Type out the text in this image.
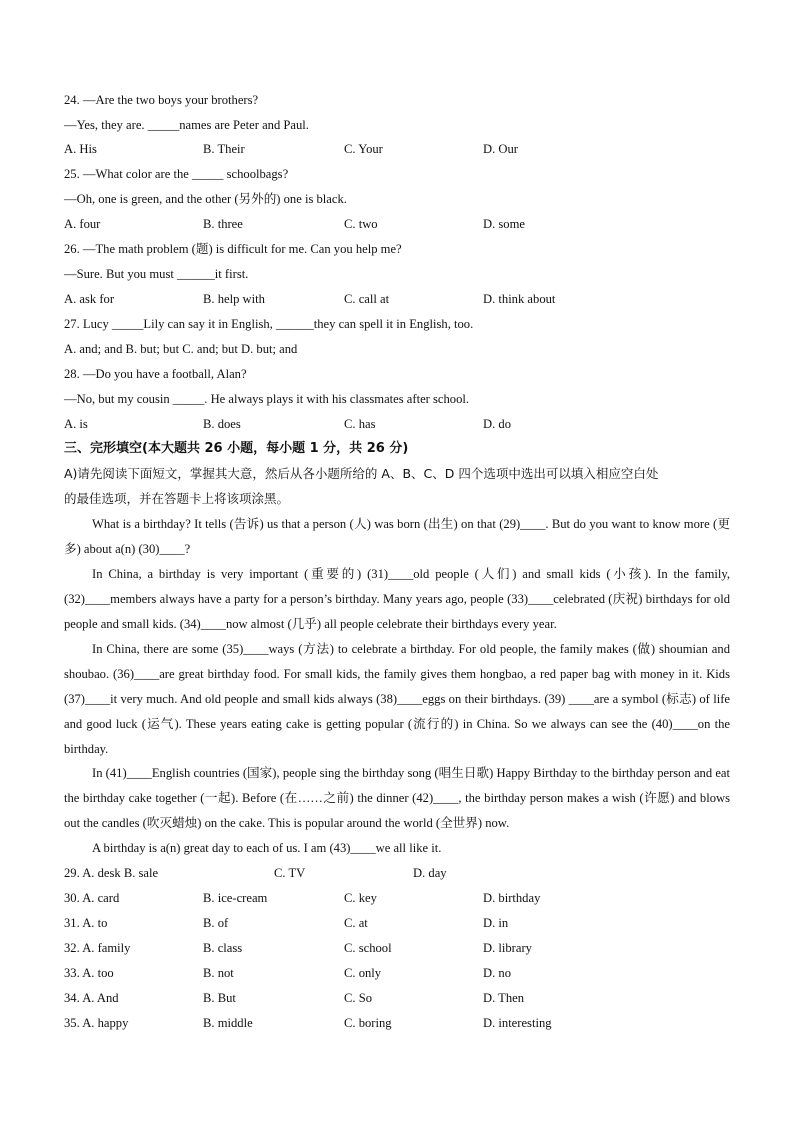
24. —Are the two boys your brothers?
—Yes, they are. _____names are Peter and Paul.
A. His	B. Their	C. Your	D. Our
25. —What color are the _____ schoolbags?
—Oh, one is green, and the other (另外的) one is black.
A. four	B. three	C. two	D. some
26. —The math problem (题) is difficult for me. Can you help me?
—Sure. But you must ______it first.
A. ask for	B. help with	C. call at	D. think about
27. Lucy _____Lily can say it in English, ______they can spell it in English, too.
A. and; and B. but; but C. and; but D. but; and
28. —Do you have a football, Alan?
—No, but my cousin _____. He always plays it with his classmates after school.
A. is	B. does	C. has	D. do
三、完形填空(本大题共 26 小题，每小题 1 分，共 26 分)
A)请先阅读下面短文，掌握其大意，然后从各小题所给的 A、B、C、D 四个选项中选出可以填入相应空白处
的最佳选项，并在答题卡上将该项涂黑。
What is a birthday? It tells (告诉) us that a person (人) was born (出生) on that (29)____. But do you want to know more (更多) about a(n) (30)____?
In China, a birthday is very important (重要的) (31)____old people (人们) and small kids (小孩). In the family, (32)____members always have a party for a person’s birthday. Many years ago, people (33)____celebrated (庆祝) birthdays for old people and small kids. (34)____now almost (几乎) all people celebrate their birthdays every year.
In China, there are some (35)____ways (方法) to celebrate a birthday. For old people, the family makes (做) shoumian and shoubao. (36)____are great birthday food. For small kids, the family gives them hongbao, a red paper bag with money in it. Kids (37)____it very much. And old people and small kids always (38)____eggs on their birthdays. (39) ____are a symbol (标志) of life and good luck (运气). These years eating cake is getting popular (流行的) in China. So we always can see the (40)____on the birthday.
In (41)____English countries (国家), people sing the birthday song (唱生日歌) Happy Birthday to the birthday person and eat the birthday cake together (一起). Before (在……之前) the dinner (42)____, the birthday person makes a wish (许愿) and blows out the candles (吹灭蜡烛) on the cake. This is popular around the world (全世界) now.
A birthday is a(n) great day to each of us. I am (43)____we all like it.
29. A. desk B. sale	C. TV	D. day
30. A. card	B. ice-cream	C. key	D. birthday
31. A. to	B. of	C. at	D. in
32. A. family	B. class	C. school	D. library
33. A. too	B. not	C. only	D. no
34. A. And	B. But	C. So	D. Then
35. A. happy	B. middle	C. boring	D. interesting
